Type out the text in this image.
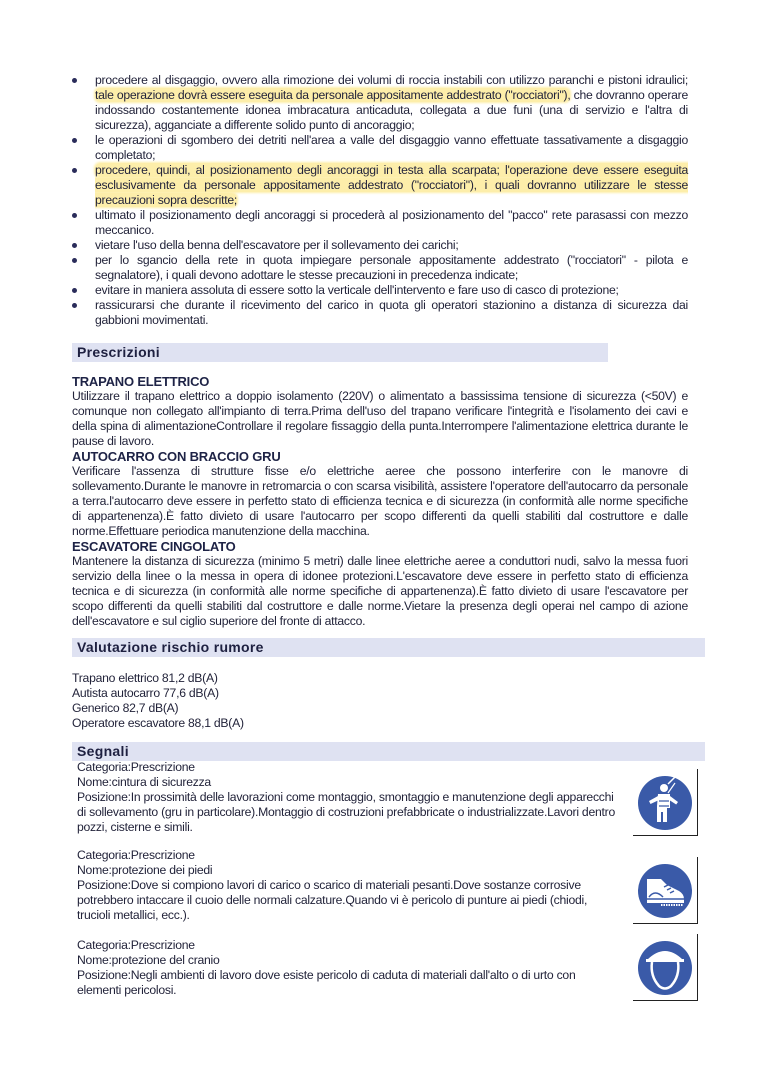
procedere al disgaggio, ovvero alla rimozione dei volumi di roccia instabili con utilizzo paranchi e pistoni idraulici; tale operazione dovrà essere eseguita da personale appositamente addestrato ("rocciatori"), che dovranno operare indossando costantemente idonea imbracatura anticaduta, collegata a due funi (una di servizio e l'altra di sicurezza), agganciate a differente solido punto di ancoraggio;
le operazioni di sgombero dei detriti nell'area a valle del disgaggio vanno effettuate tassativamente a disgaggio completato;
procedere, quindi, al posizionamento degli ancoraggi in testa alla scarpata; l'operazione deve essere eseguita esclusivamente da personale appositamente addestrato ("rocciatori"), i quali dovranno utilizzare le stesse precauzioni sopra descritte;
ultimato il posizionamento degli ancoraggi si procederà al posizionamento del "pacco" rete parasassi con mezzo meccanico.
vietare l'uso della benna dell'escavatore per il sollevamento dei carichi;
per lo sgancio della rete in quota impiegare personale appositamente addestrato ("rocciatori" - pilota e segnalatore), i quali devono adottare le stesse precauzioni in precedenza indicate;
evitare in maniera assoluta di essere sotto la verticale dell'intervento e fare uso di casco di protezione;
rassicurarsi che durante il ricevimento del carico in quota gli operatori stazionino a distanza di sicurezza dai gabbioni movimentati.
Prescrizioni
TRAPANO ELETTRICO
Utilizzare il trapano elettrico a doppio isolamento (220V) o alimentato a bassissima tensione di sicurezza (<50V) e comunque non collegato all'impianto di terra.Prima dell'uso del trapano verificare l'integrità e l'isolamento dei cavi e della spina di alimentazioneControllare il regolare fissaggio della punta.Interrompere l'alimentazione elettrica durante le pause di lavoro.
AUTOCARRO CON BRACCIO GRU
Verificare l'assenza di strutture fisse e/o elettriche aeree che possono interferire con le manovre di sollevamento.Durante le manovre in retromarcia o con scarsa visibilità, assistere l'operatore dell'autocarro da personale a terra.l'autocarro deve essere in perfetto stato di efficienza tecnica e di sicurezza (in conformità alle norme specifiche di appartenenza).È fatto divieto di usare l'autocarro per scopo differenti da quelli stabiliti dal costruttore e dalle norme.Effettuare periodica manutenzione della macchina.
ESCAVATORE CINGOLATO
Mantenere la distanza di sicurezza (minimo 5 metri) dalle linee elettriche aeree a conduttori nudi, salvo la messa fuori servizio della linee o la messa in opera di idonee protezioni.L'escavatore deve essere in perfetto stato di efficienza tecnica e di sicurezza (in conformità alle norme specifiche di appartenenza).È fatto divieto di usare l'escavatore per scopo differenti da quelli stabiliti dal costruttore e dalle norme.Vietare la presenza degli operai nel campo di azione dell'escavatore e sul ciglio superiore del fronte di attacco.
Valutazione rischio rumore
Trapano elettrico 81,2 dB(A)
Autista autocarro 77,6 dB(A)
Generico 82,7 dB(A)
Operatore escavatore 88,1 dB(A)
Segnali
Categoria:Prescrizione
Nome:cintura di sicurezza
Posizione:In prossimità delle lavorazioni come montaggio, smontaggio e manutenzione degli apparecchi di sollevamento (gru in particolare).Montaggio di costruzioni prefabbricate o industrializzate.Lavori dentro pozzi, cisterne e simili.
Categoria:Prescrizione
Nome:protezione dei piedi
Posizione:Dove si compiono lavori di carico o scarico di materiali pesanti.Dove sostanze corrosive potrebbero intaccare il cuoio delle normali calzature.Quando vi è pericolo di punture ai piedi (chiodi, trucioli metallici, ecc.).
Categoria:Prescrizione
Nome:protezione del cranio
Posizione:Negli ambienti di lavoro dove esiste pericolo di caduta di materiali dall'alto o di urto con elementi pericolosi.
